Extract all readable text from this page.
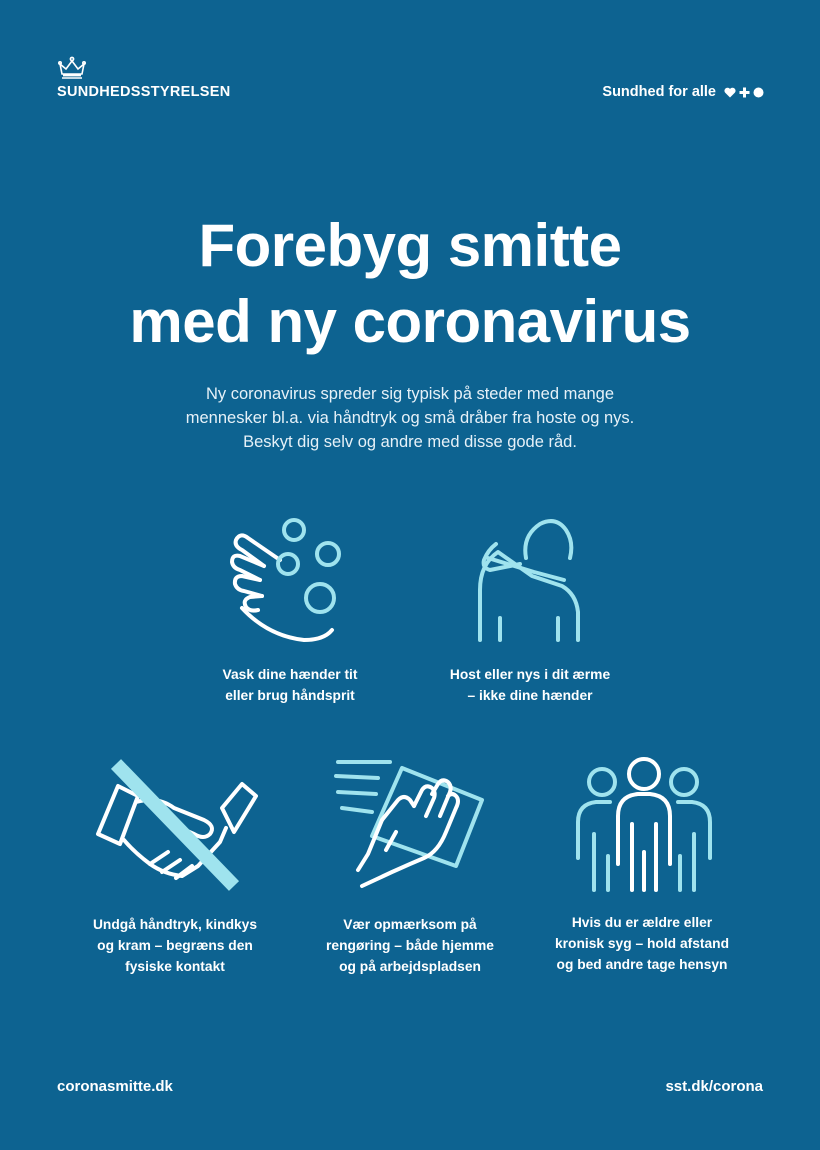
SUNDHEDSSTYRELSEN	Sundhed for alle
Forebyg smitte
med ny coronavirus
Ny coronavirus spreder sig typisk på steder med mange
mennesker bl.a. via håndtryk og små dråber fra hoste og nys.
Beskyt dig selv og andre med disse gode råd.
Vask dine hænder tit
eller brug håndsprit
Host eller nys i dit ærme
– ikke dine hænder
Undgå håndtryk, kindkys
og kram – begræns den
fysiske kontakt
Vær opmærksom på
rengøring – både hjemme
og på arbejdspladsen
Hvis du er ældre eller
kronisk syg – hold afstand
og bed andre tage hensyn
coronasmitte.dk	sst.dk/corona
